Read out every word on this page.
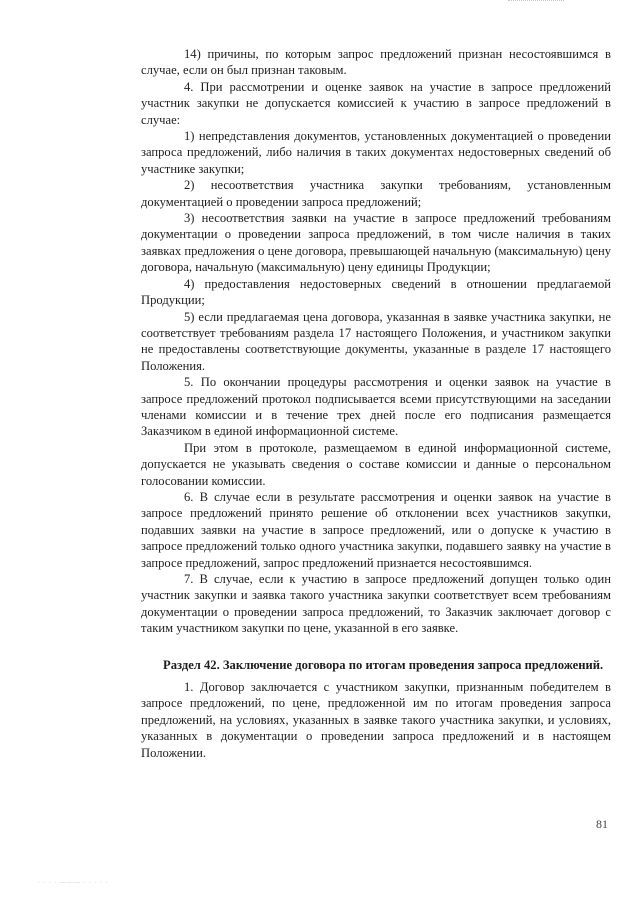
14) причины, по которым запрос предложений признан несостоявшимся в случае, если он был признан таковым.

4. При рассмотрении и оценке заявок на участие в запросе предложений участник закупки не допускается комиссией к участию в запросе предложений в случае:

1) непредставления документов, установленных документацией о проведении запроса предложений, либо наличия в таких документах недостоверных сведений об участнике закупки;

2) несоответствия участника закупки требованиям, установленным документацией о проведении запроса предложений;

3) несоответствия заявки на участие в запросе предложений требованиям документации о проведении запроса предложений, в том числе наличия в таких заявках предложения о цене договора, превышающей начальную (максимальную) цену договора, начальную (максимальную) цену единицы Продукции;

4) предоставления недостоверных сведений в отношении предлагаемой Продукции;

5) если предлагаемая цена договора, указанная в заявке участника закупки, не соответствует требованиям раздела 17 настоящего Положения, и участником закупки не предоставлены соответствующие документы, указанные в разделе 17 настоящего Положения.

5. По окончании процедуры рассмотрения и оценки заявок на участие в запросе предложений протокол подписывается всеми присутствующими на заседании членами комиссии и в течение трех дней после его подписания размещается Заказчиком в единой информационной системе.

При этом в протоколе, размещаемом в единой информационной системе, допускается не указывать сведения о составе комиссии и данные о персональном голосовании комиссии.

6. В случае если в результате рассмотрения и оценки заявок на участие в запросе предложений принято решение об отклонении всех участников закупки, подавших заявки на участие в запросе предложений, или о допуске к участию в запросе предложений только одного участника закупки, подавшего заявку на участие в запросе предложений, запрос предложений признается несостоявшимся.

7. В случае, если к участию в запросе предложений допущен только один участник закупки и заявка такого участника закупки соответствует всем требованиям документации о проведении запроса предложений, то Заказчик заключает договор с таким участником закупки по цене, указанной в его заявке.

Раздел 42. Заключение договора по итогам проведения запроса предложений.

1. Договор заключается с участником закупки, признанным победителем в запросе предложений, по цене, предложенной им по итогам проведения запроса предложений, на условиях, указанных в заявке такого участника закупки, и условиях, указанных в документации о проведении запроса предложений и в настоящем Положении.

81
· · · · ——— · · · · ·
